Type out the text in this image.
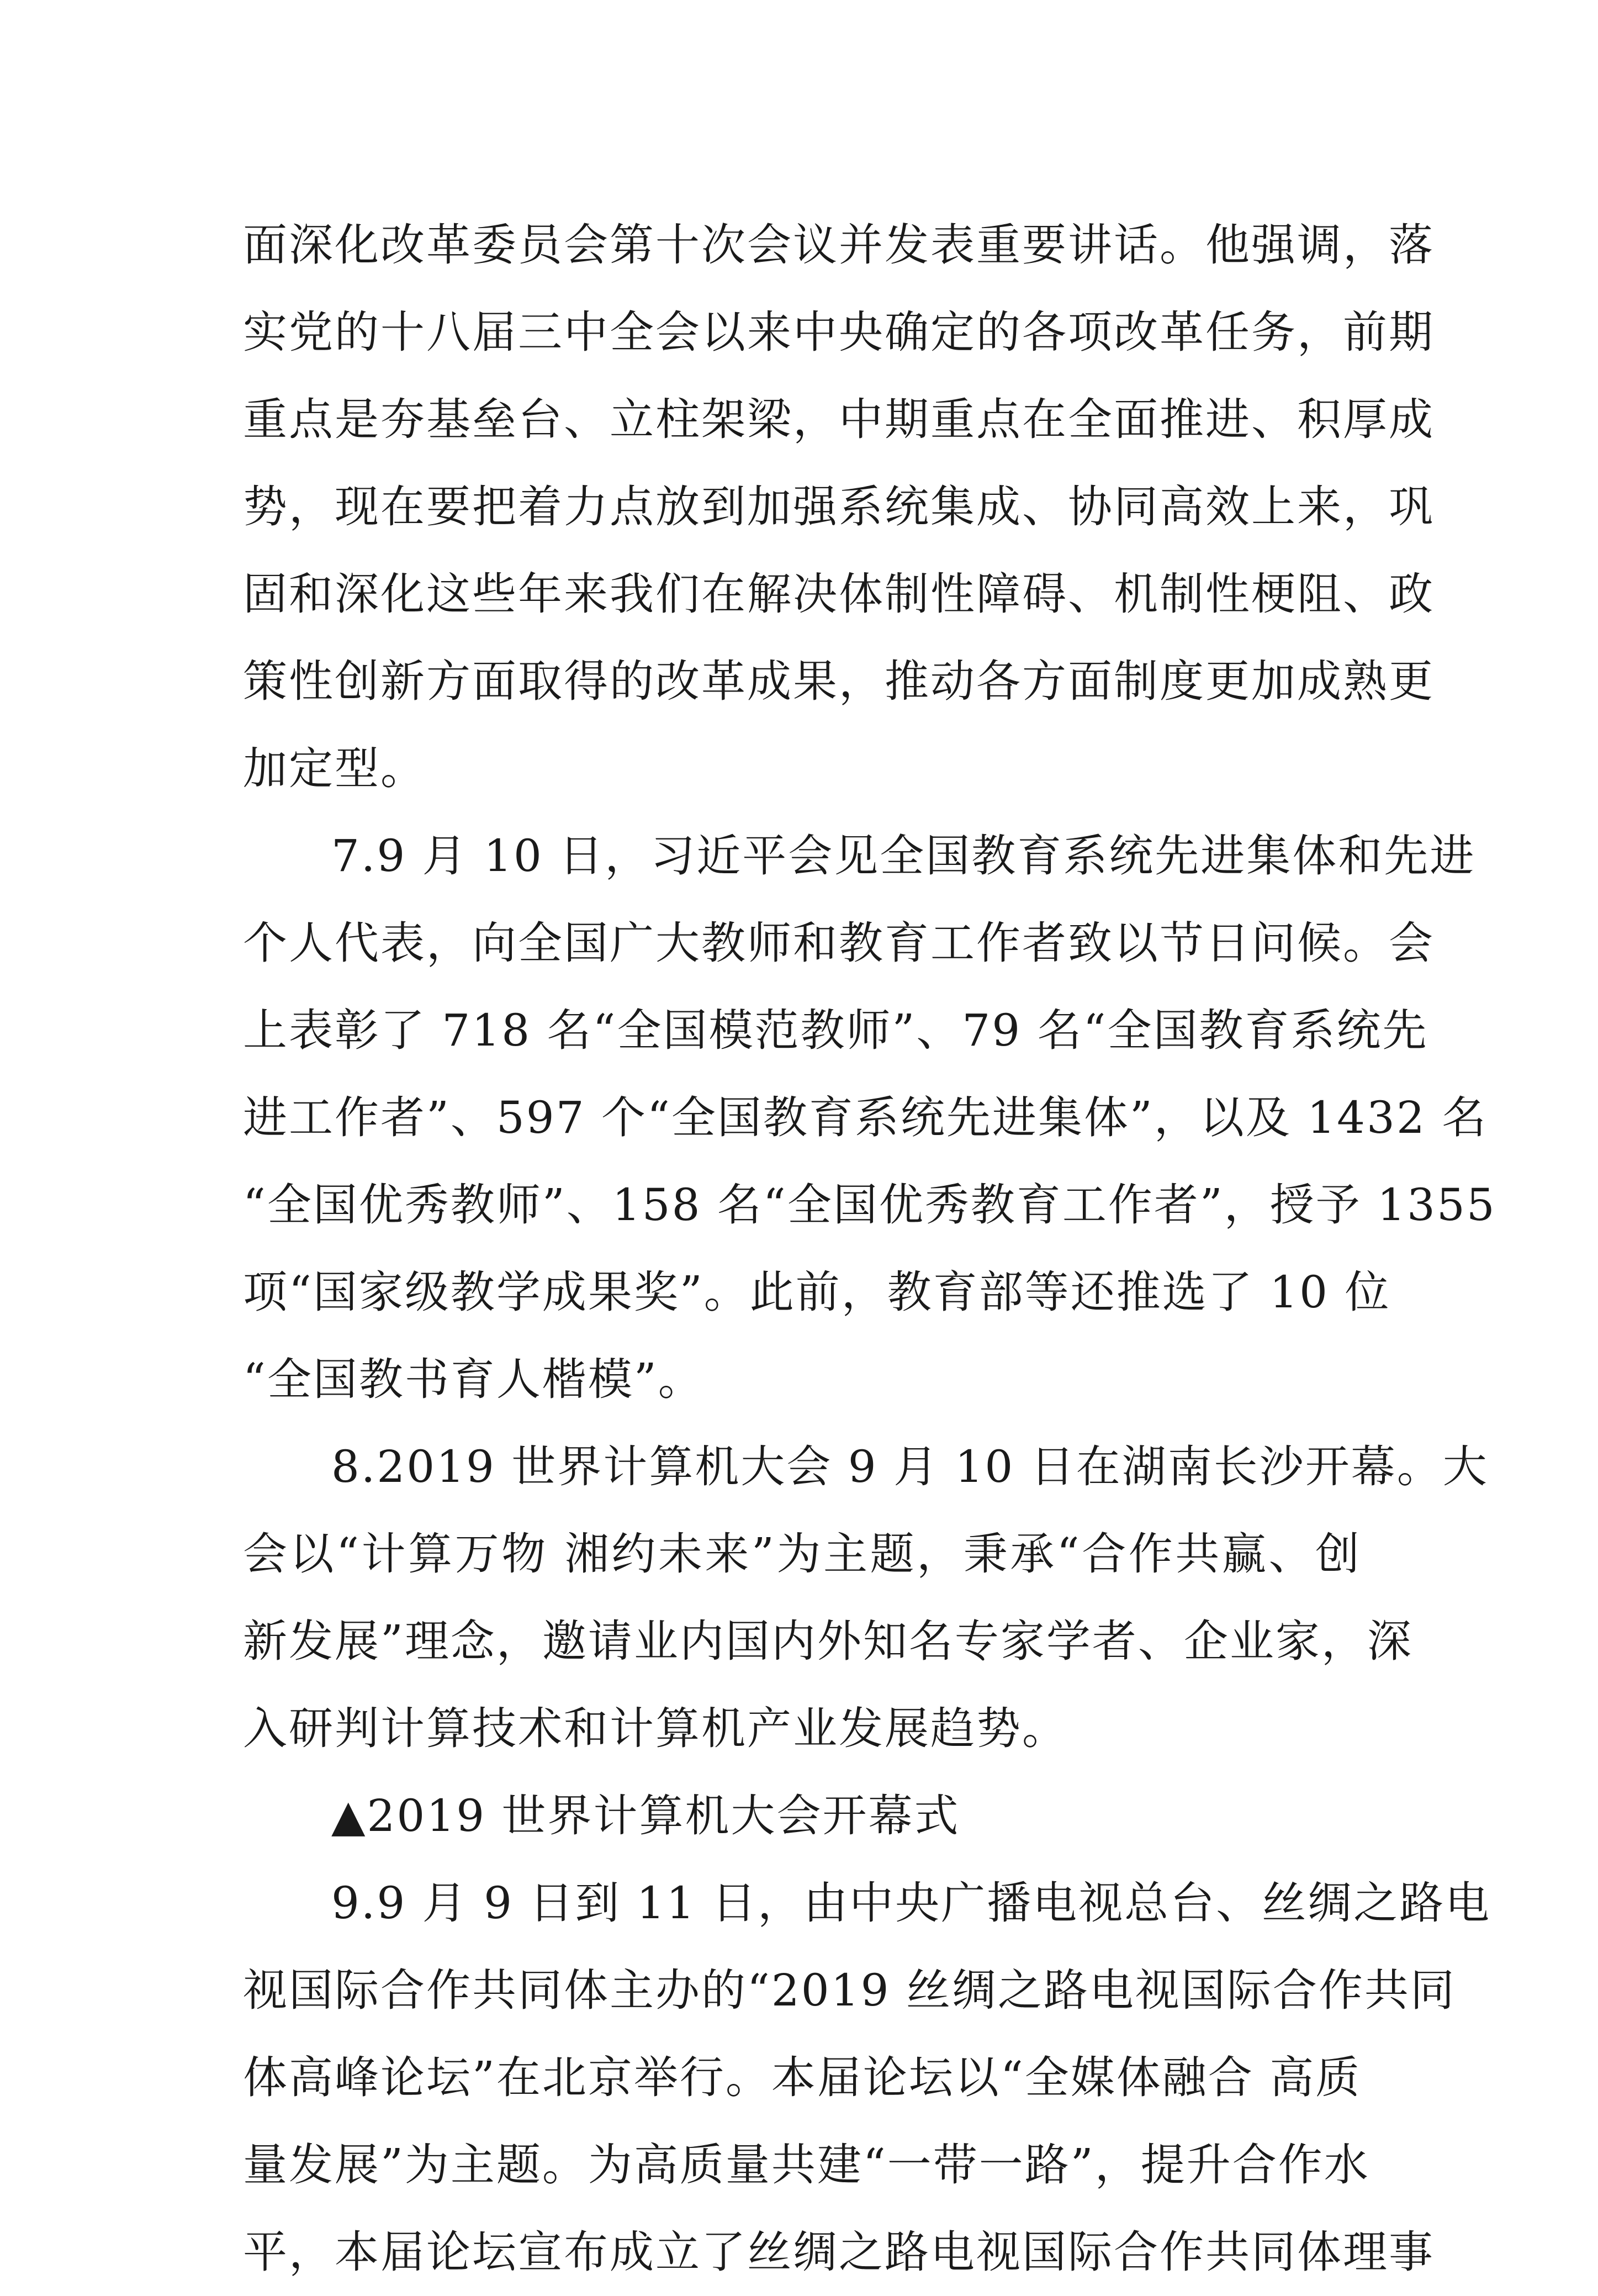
面深化改革委员会第十次会议并发表重要讲话。他强调，落
实党的十八届三中全会以来中央确定的各项改革任务，前期
重点是夯基垒台、立柱架梁，中期重点在全面推进、积厚成
势，现在要把着力点放到加强系统集成、协同高效上来，巩
固和深化这些年来我们在解决体制性障碍、机制性梗阻、政
策性创新方面取得的改革成果，推动各方面制度更加成熟更
加定型。
7.9 月 10 日，习近平会见全国教育系统先进集体和先进
个人代表，向全国广大教师和教育工作者致以节日问候。会
上表彰了 718 名“全国模范教师”、79 名“全国教育系统先
进工作者”、597 个“全国教育系统先进集体”，以及 1432 名
“全国优秀教师”、158 名“全国优秀教育工作者”，授予 1355
项“国家级教学成果奖”。此前，教育部等还推选了 10 位
“全国教书育人楷模”。
8.2019 世界计算机大会 9 月 10 日在湖南长沙开幕。大
会以“计算万物 湘约未来”为主题，秉承“合作共赢、创
新发展”理念，邀请业内国内外知名专家学者、企业家，深
入研判计算技术和计算机产业发展趋势。
▲2019 世界计算机大会开幕式
9.9 月 9 日到 11 日，由中央广播电视总台、丝绸之路电
视国际合作共同体主办的“2019 丝绸之路电视国际合作共同
体高峰论坛”在北京举行。本届论坛以“全媒体融合 高质
量发展”为主题。为高质量共建“一带一路”，提升合作水
平，本届论坛宣布成立了丝绸之路电视国际合作共同体理事
